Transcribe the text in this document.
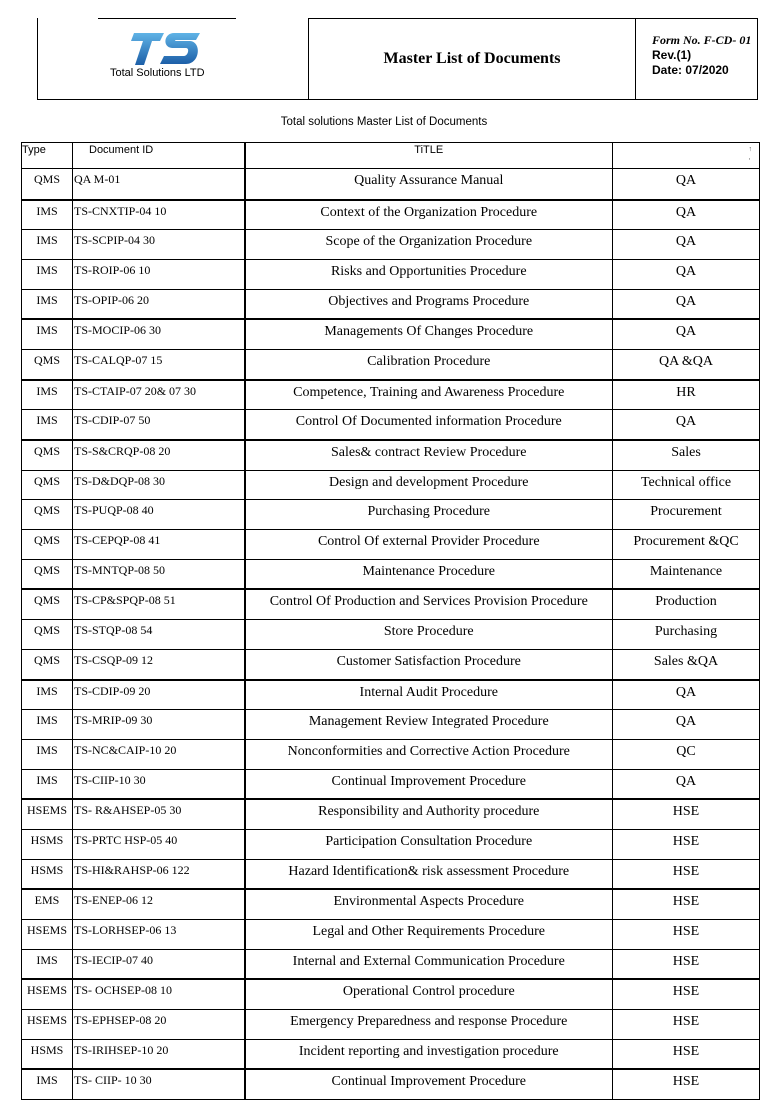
Total Solutions LTD
Master List of Documents
Form No. F-CD- 01
Rev.(1)
Date: 07/2020
Total solutions Master List of Documents
↑
,
Type	Document ID	TiTLE	
QMS	QA M-01	Quality Assurance Manual	QA
IMS	TS-CNXTIP-04 10	Context of the Organization Procedure	QA
IMS	TS-SCPIP-04 30	Scope of the Organization Procedure	QA
IMS	TS-ROIP-06 10	Risks and Opportunities Procedure	QA
IMS	TS-OPIP-06 20	Objectives and Programs Procedure	QA
IMS	TS-MOCIP-06 30	Managements Of Changes Procedure	QA
QMS	TS-CALQP-07 15	Calibration Procedure	QA &QA
IMS	TS-CTAIP-07 20& 07 30	Competence, Training and Awareness Procedure	HR
IMS	TS-CDIP-07 50	Control Of Documented information Procedure	QA
QMS	TS-S&CRQP-08 20	Sales& contract Review Procedure	Sales
QMS	TS-D&DQP-08 30	Design and development Procedure	Technical office
QMS	TS-PUQP-08 40	Purchasing Procedure	Procurement
QMS	TS-CEPQP-08 41	Control Of external Provider Procedure	Procurement &QC
QMS	TS-MNTQP-08 50	Maintenance Procedure	Maintenance
QMS	TS-CP&SPQP-08 51	Control Of Production and Services Provision Procedure	Production
QMS	TS-STQP-08 54	Store Procedure	Purchasing
QMS	TS-CSQP-09 12	Customer Satisfaction Procedure	Sales &QA
IMS	TS-CDIP-09 20	Internal Audit Procedure	QA
IMS	TS-MRIP-09 30	Management Review Integrated Procedure	QA
IMS	TS-NC&CAIP-10 20	Nonconformities and Corrective Action Procedure	QC
IMS	TS-CIIP-10 30	Continual Improvement Procedure	QA
HSEMS	TS- R&AHSEP-05 30	Responsibility and Authority procedure	HSE
HSMS	TS-PRTC HSP-05 40	Participation Consultation Procedure	HSE
HSMS	TS-HI&RAHSP-06 122	Hazard Identification& risk assessment Procedure	HSE
EMS	TS-ENEP-06 12	Environmental Aspects Procedure	HSE
HSEMS	TS-LORHSEP-06 13	Legal and Other Requirements Procedure	HSE
IMS	TS-IECIP-07 40	Internal and External Communication Procedure	HSE
HSEMS	TS- OCHSEP-08 10	Operational Control procedure	HSE
HSEMS	TS-EPHSEP-08 20	Emergency Preparedness and response Procedure	HSE
HSMS	TS-IRIHSEP-10 20	Incident reporting and investigation procedure	HSE
IMS	TS- CIIP- 10 30	Continual Improvement Procedure	HSE
